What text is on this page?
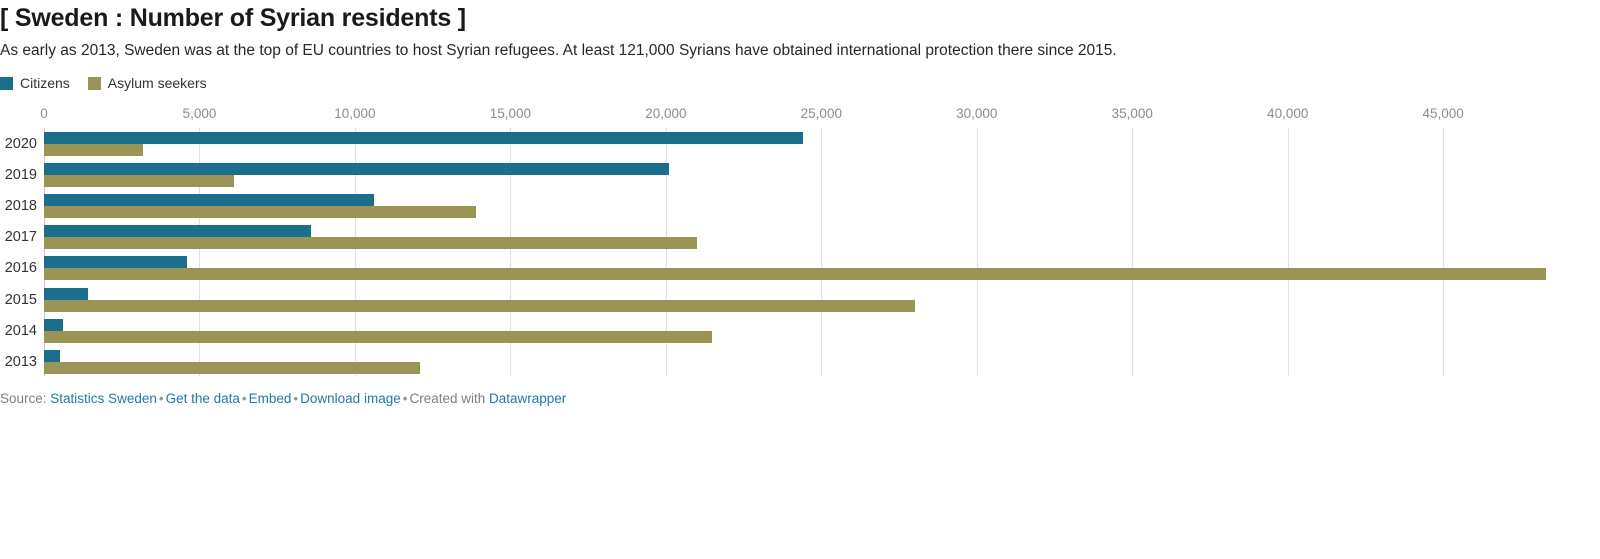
[ Sweden : Number of Syrian residents ]

As early as 2013, Sweden was at the top of EU countries to host Syrian refugees. At least 121,000 Syrians have obtained international protection there since 2015.

Citizens	Asylum seekers
0	5,000	10,000	15,000	20,000	25,000	30,000	35,000	40,000	45,000
2020
2019
2018
2017
2016
2015
2014
2013
Source: Statistics Sweden • Get the data • Embed • Download image • Created with Datawrapper
